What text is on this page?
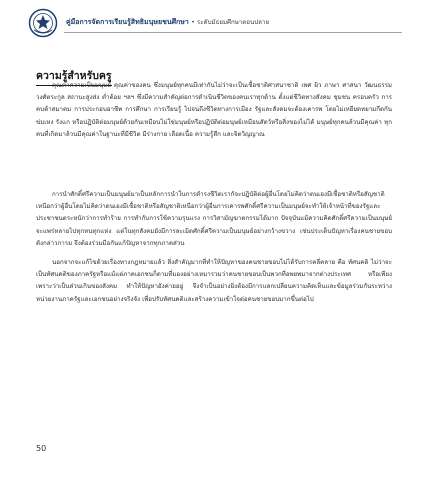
คู่มือการจัดการเรียนรู้สิทธิมนุษยชนศึกษา • ระดับมัธยมศึกษาตอนปลาย
ความรู้สำหรับครู

คุณค่าความเป็นมนุษย์ คุณค่าของคน ซึ่งมนุษย์ทุกคนมีเท่ากันไม่ว่าจะเป็นเชื้อชาติศาสนาชาติ เพศ ผิว ภาษา ศาสนา วัฒนธรรม วงศ์ตระกูล สถานะสูงส่ง ต่ำต้อย ฯลฯ ซึ่งมีความสำคัญต่อการดำเนินชีวิตของคนเราทุกด้าน ตั้งแต่ชีวิตทางสังคม ชุมชน ครอบครัว การคบค้าสมาคม การประกอบอาชีพ การศึกษา การเรียนรู้ ไปจนถึงชีวิตทางการเมือง รัฐและสังคมจะต้องเคารพ โดยไม่เหยียดหยามกีดกัน ข่มเหง รังแก หรือปฏิบัติต่อมนุษย์ด้วยกันเหมือนไม่ใช่มนุษย์หรือปฏิบัติต่อมนุษย์เหมือนสัตว์หรือสิ่งของไม่ได้ มนุษย์ทุกคนล้วนมีคุณค่า ทุกคนที่เกิดมาล้วนมีคุณค่าในฐานะที่มีชีวิต มีร่างกาย เลือดเนื้อ ความรู้สึก และจิตวิญญาณ

การนำศักดิ์ศรีความเป็นมนุษย์มาเป็นหลักการนำในการดำรงชีวิตเรากัจะปฏิบัติต่อผู้อื่นโดยไม่คิดว่าตนเองมีเชื้อชาติหรือสัญชาติเหนือกว่าผู้อื่นโดยไม่คิดว่าตนเองมีเชื้อชาติหรือสัญชาติเหนือกว่าผู้อื่นการเคารพศักดิ์ศรีความเป็นมนุษย์จะทำให้เจ้าหน้าที่ของรัฐและประชาชนตระหนักว่าการทำร้าย การทำกับการใช้ความรุนแรง การวิสามัญฆาตกรรมได้มาก ปัจจุบันแม้ความคิดศักดิ์ศรีความเป็นมนุษย์จะแพร่หลายไปทุกหนทุกแห่ง แต่ในทุกสังคมยังมีการละเมิดศักดิ์ศรีความเป็นมนุษย์อย่างกว้างขวาง เช่นประเด็นปัญหาเรื่องคนชายขอบดังกล่าวการม จึงต้องร่วมมือกันแก้ปัญหาจากทุกภาคส่วน

นอกจากจะแก้ไขด้วยเรื่องทางกฎหมายแล้ว สิ่งสำคัญมากที่ทำให้ปัญหาของคนชายขอบไม่ได้รับการคลี่คลาย คือ ทัศนคติ ไม่ว่าจะเป็นทัศนคติของภาครัฐหรือแม้แต่ภาคเอกชนก็ตามที่มองอย่างเหมารวมว่าคนชายขอบเป็นพวกที่อพยพมาจากต่างประเทศ หรือเพียงเพราะว่าเป็นส่วนเกินของสังคม ทำให้ปัญหาอังค่ายอยู่ จึงจำเป็นอย่างยิ่งต้องมีการแลกเปลี่ยนความคิดเห็นและข้อมูลร่วมกันระหว่างหน่วยงานภาครัฐและเอกชนอย่างจริงจัง เพื่อปรับทัศนคติและสร้างความเข้าใจต่อคนชายขอบมากขึ้นต่อไป

50
